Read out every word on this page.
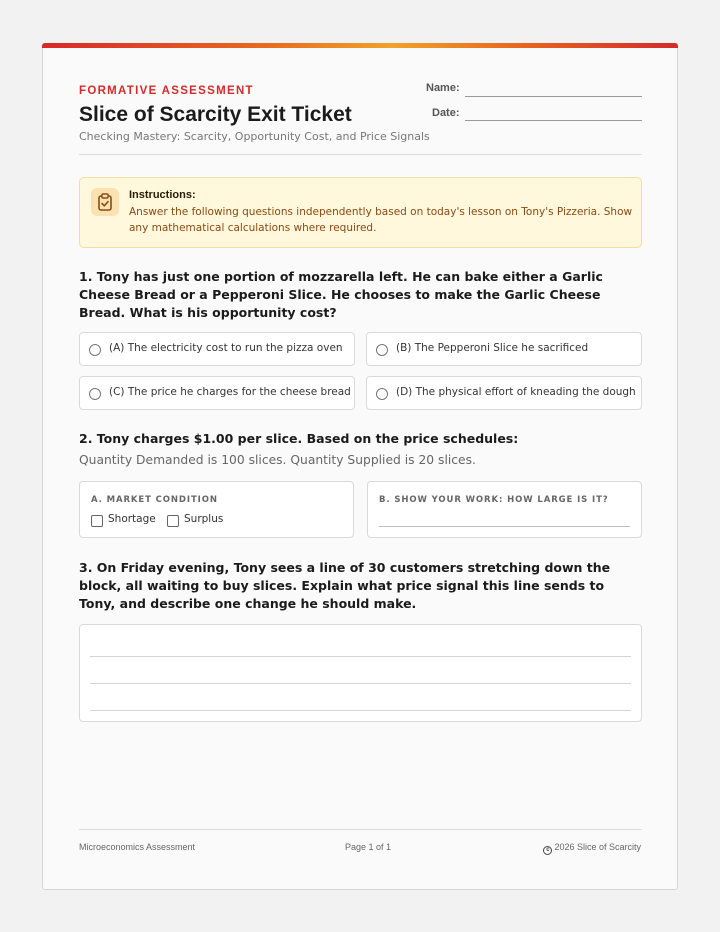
FORMATIVE ASSESSMENT
Slice of Scarcity Exit Ticket
Checking Mastery: Scarcity, Opportunity Cost, and Price Signals
Name:
Date:
Instructions:
Answer the following questions independently based on today's lesson on Tony's Pizzeria. Show any mathematical calculations where required.
1. Tony has just one portion of mozzarella left. He can bake either a Garlic Cheese Bread or a Pepperoni Slice. He chooses to make the Garlic Cheese Bread. What is his opportunity cost?
(A) The electricity cost to run the pizza oven	(B) The Pepperoni Slice he sacrificed
(C) The price he charges for the cheese bread	(D) The physical effort of kneading the dough
2. Tony charges $1.00 per slice. Based on the price schedules:
Quantity Demanded is 100 slices. Quantity Supplied is 20 slices.
A. MARKET CONDITION
Shortage	Surplus
B. SHOW YOUR WORK: HOW LARGE IS IT?
3. On Friday evening, Tony sees a line of 30 customers stretching down the block, all waiting to buy slices. Explain what price signal this line sends to Tony, and describe one change he should make.
Microeconomics Assessment	Page 1 of 1	c 2026 Slice of Scarcity
